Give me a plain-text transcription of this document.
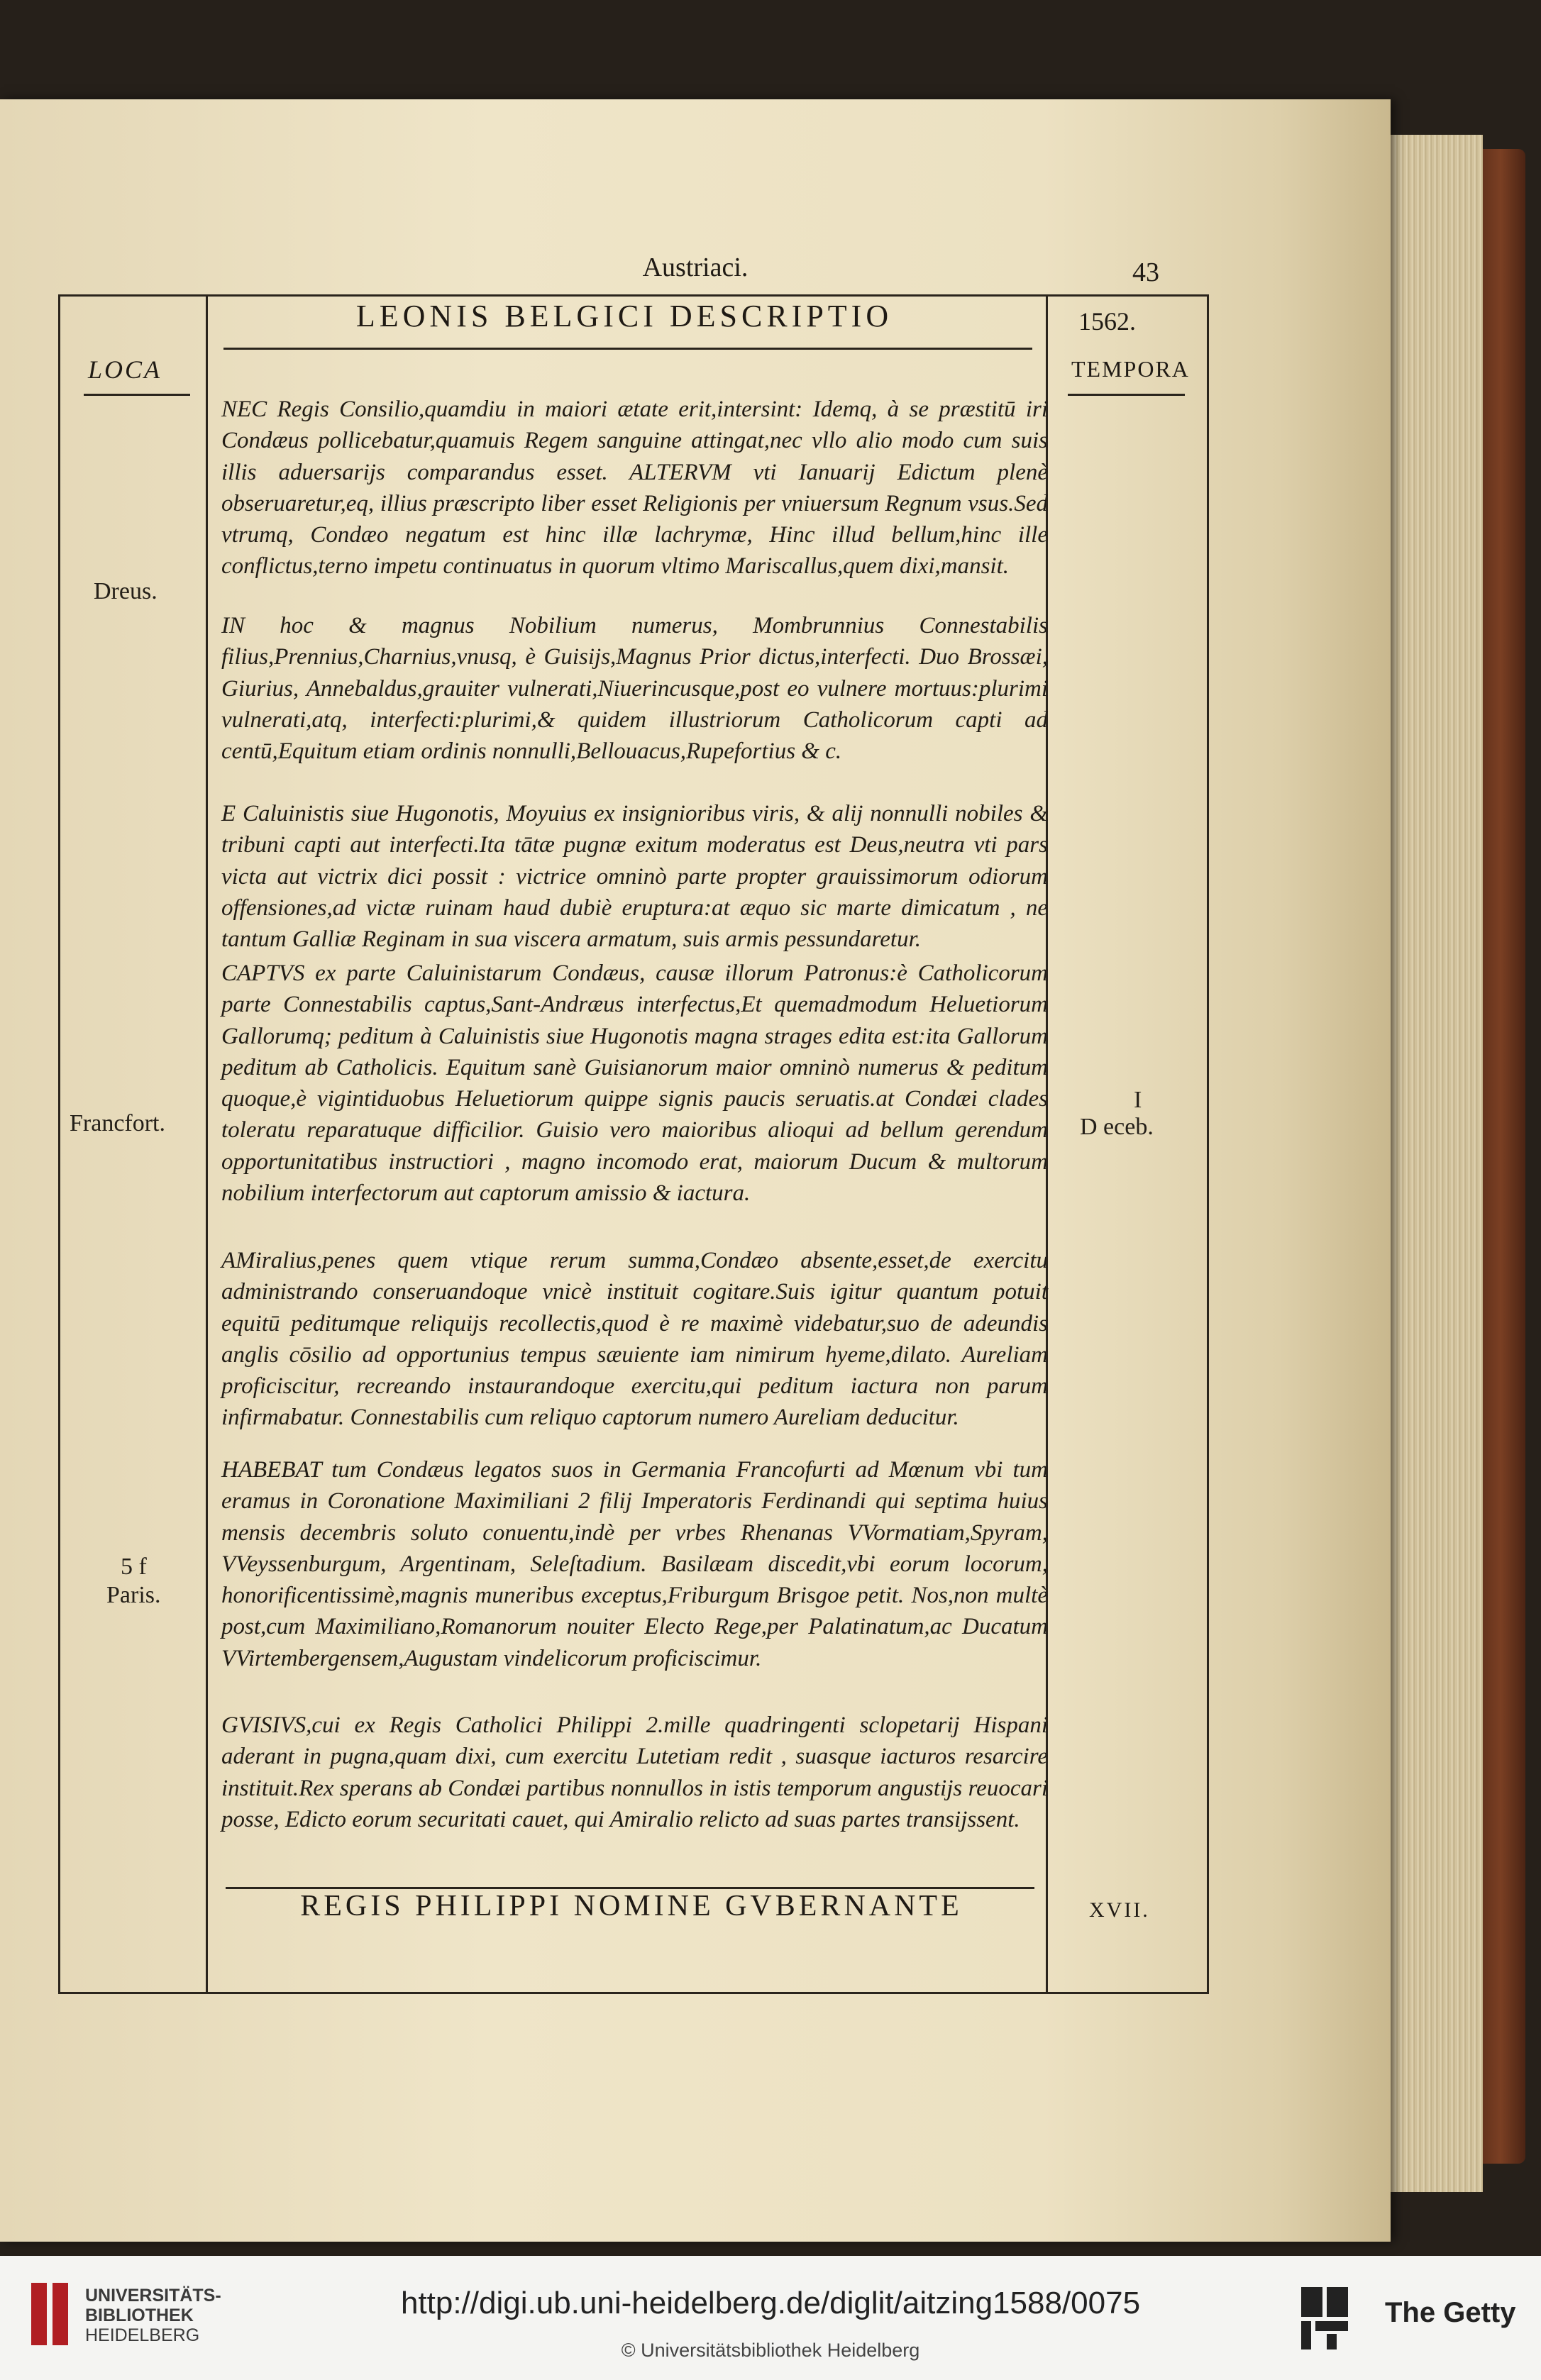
Austriaci.	43
LEONIS BELGICI DESCRIPTIO	1562.
LOCA	TEMPORA

NEC Regis Consilio,quamdiu in maiori ætate erit,intersint: Idemq, à se præstitū iri Condæus pollicebatur,quamuis Regem sanguine attingat,nec vllo alio modo cum suis illis aduersarijs comparandus esset. ALTERVM vti Ianuarij Edictum plenè obseruaretur,eq, illius præscripto liber esset Religionis per vniuersum Regnum vsus.Sed vtrumq, Condæo negatum est hinc illæ lachrymæ, Hinc illud bellum,hinc ille conflictus,terno impetu continuatus in quorum vltimo Mariscallus,quem dixi,mansit.

IN hoc & magnus Nobilium numerus, Mombrunnius Connestabilis filius,Prennius,Charnius,vnusq, è Guisijs,Magnus Prior dictus,interfecti. Duo Brossæi, Giurius, Annebaldus,grauiter vulnerati,Niuerincusque,post eo vulnere mortuus:plurimi vulnerati,atq, interfecti:plurimi,& quidem illustriorum Catholicorum capti ad centū,Equitum etiam ordinis nonnulli,Bellouacus,Rupefortius & c.

E Caluinistis siue Hugonotis, Moyuius ex insignioribus viris, & alij nonnulli nobiles & tribuni capti aut interfecti.Ita tātæ pugnæ exitum moderatus est Deus,neutra vti pars victa aut victrix dici possit : victrice omninò parte propter grauissimorum odiorum offensiones,ad victæ ruinam haud dubiè eruptura:at æquo sic marte dimicatum , ne tantum Galliæ Reginam in sua viscera armatum, suis armis pessundaretur.

CAPTVS ex parte Caluinistarum Condæus, causæ illorum Patronus:è Catholicorum parte Connestabilis captus,Sant-Andræus interfectus,Et quemadmodum Heluetiorum Gallorumq; peditum à Caluinistis siue Hugonotis magna strages edita est:ita Gallorum peditum ab Catholicis. Equitum sanè Guisianorum maior omninò numerus & peditum quoque,è vigintiduobus Heluetiorum quippe signis paucis seruatis.at Condæi clades toleratu reparatuque difficilior. Guisio vero maioribus alioqui ad bellum gerendum opportunitatibus instructiori , magno incomodo erat, maiorum Ducum & multorum nobilium interfectorum aut captorum amissio & iactura.

AMiralius,penes quem vtique rerum summa,Condæo absente,esset,de exercitu administrando conseruandoque vnicè instituit cogitare.Suis igitur quantum potuit equitū peditumque reliquijs recollectis,quod è re maximè videbatur,suo de adeundis anglis cōsilio ad opportunius tempus sæuiente iam nimirum hyeme,dilato. Aureliam proficiscitur, recreando instaurandoque exercitu,qui peditum iactura non parum infirmabatur. Connestabilis cum reliquo captorum numero Aureliam deducitur.

HABEBAT tum Condæus legatos suos in Germania Francofurti ad Mœnum vbi tum eramus in Coronatione Maximiliani 2 filij Imperatoris Ferdinandi qui septima huius mensis decembris soluto conuentu,indè per vrbes Rhenanas VVormatiam,Spyram, VVeyssenburgum, Argentinam, Seleſtadium. Basilæam discedit,vbi eorum locorum, honorificentissimè,magnis muneribus exceptus,Friburgum Brisgoe petit. Nos,non multè post,cum Maximiliano,Romanorum nouiter Electo Rege,per Palatinatum,ac Ducatum VVirtembergensem,Augustam vindelicorum proficiscimur.

GVISIVS,cui ex Regis Catholici Philippi 2.mille quadringenti sclopetarij Hispani aderant in pugna,quam dixi, cum exercitu Lutetiam redit , suasque iacturos resarcire instituit.Rex sperans ab Condæi partibus nonnullos in istis temporum angustijs reuocari posse, Edicto eorum securitati cauet, qui Amiralio relicto ad suas partes transijssent.

Dreus.
Francfort.
I
D eceb.
5 f
Paris.
REGIS PHILIPPI NOMINE GVBERNANTE	XVII.
UNIVERSITÄTS-
BIBLIOTHEK
HEIDELBERG
http://digi.ub.uni-heidelberg.de/diglit/aitzing1588/0075
© Universitätsbibliothek Heidelberg
The Getty
